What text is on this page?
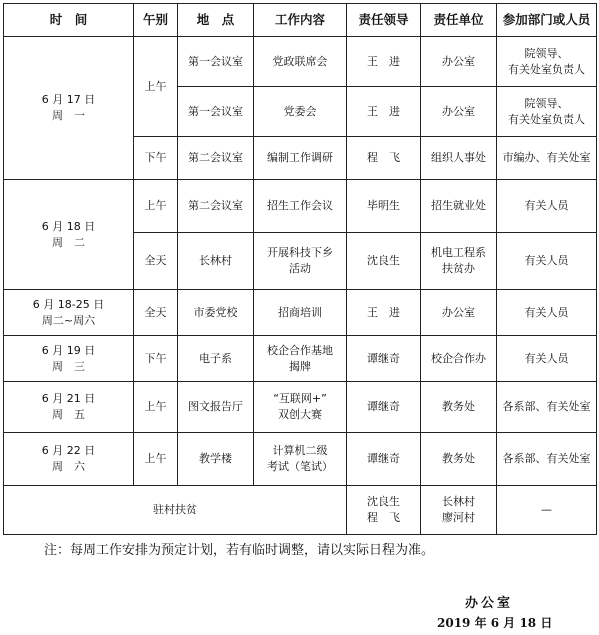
时　间	午别	地　点	工作内容	责任领导	责任单位	参加部门或人员
6 月 17 日
周　一	上午	第一会议室	党政联席会	王　进	办公室	院领导、
有关处室负责人
		第一会议室	党委会	王　进	办公室	院领导、
有关处室负责人
	下午	第二会议室	编制工作调研	程　飞	组织人事处	市编办、有关处室
6 月 18 日
周　二	上午	第二会议室	招生工作会议	毕明生	招生就业处	有关人员
	全天	长林村	开展科技下乡
活动	沈良生	机电工程系
扶贫办	有关人员
6 月 18-25 日
周二~周六	全天	市委党校	招商培训	王　进	办公室	有关人员
6 月 19 日
周　三	下午	电子系	校企合作基地
揭牌	谭继奇	校企合作办	有关人员
6 月 21 日
周　五	上午	图文报告厅	“互联网+”
双创大赛	谭继奇	教务处	各系部、有关处室
6 月 22 日
周　六	上午	教学楼	计算机二级
考试（笔试）	谭继奇	教务处	各系部、有关处室
驻村扶贫				沈良生
程　飞	长林村
廖河村	—
注：每周工作安排为预定计划，若有临时调整，请以实际日程为准。
办公室
2019 年 6 月 18 日
